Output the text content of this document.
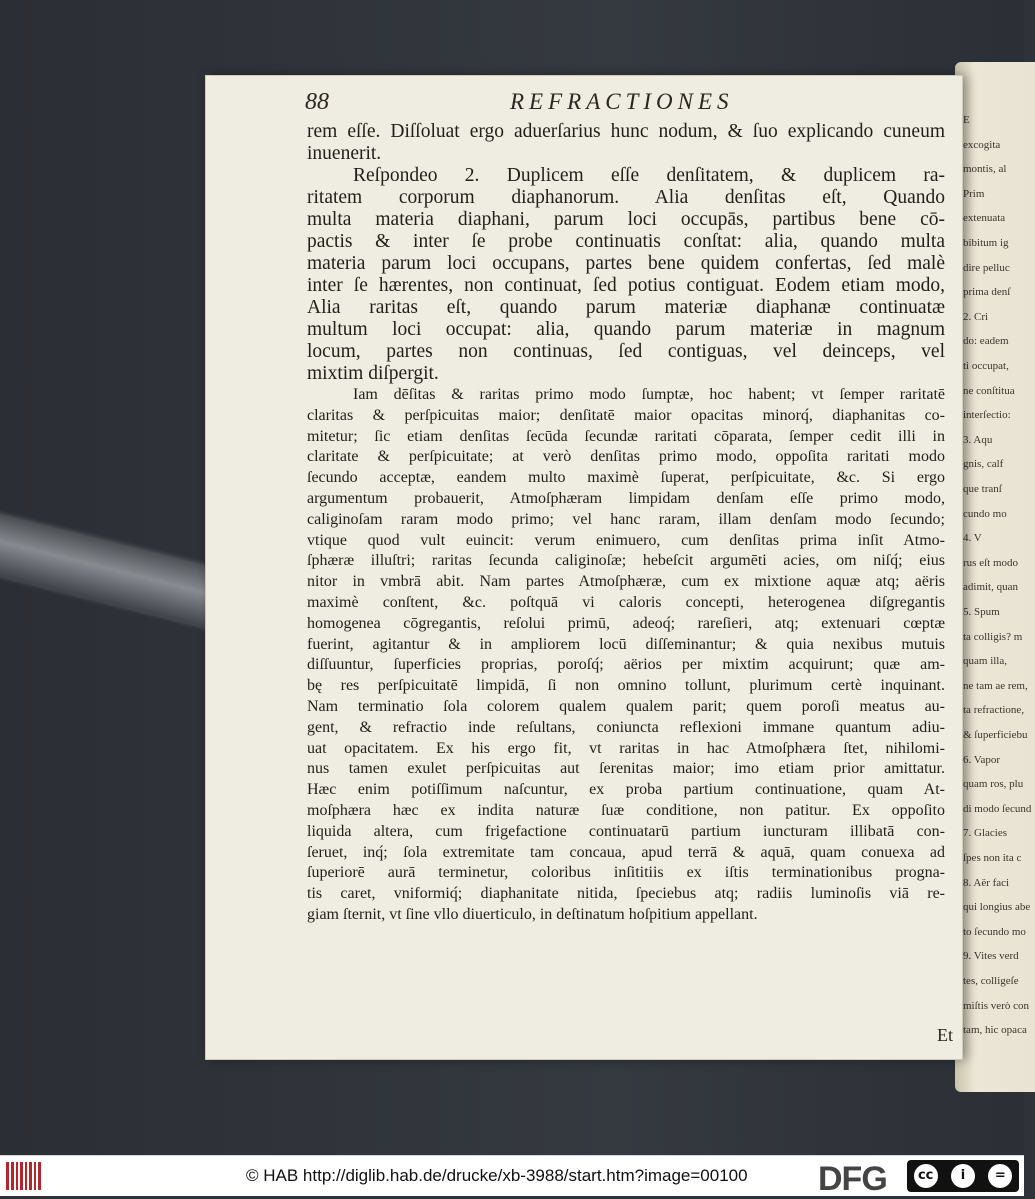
E
excogita
montis, al
Prim
extenuata
bibitum ig
dire pelluc
prima denſ
2. Cri
do: eadem
ti occupat,
ne conſtitua
interſectio:
3. Aqu
gnis, calf
que tranſ
cundo mo
4. V
rus eſt modo
adimit, quan
5. Spum
ta colligis? m
quam illa,
ne tam ae rem,
ta refractione,
& ſuperficiebu
6. Vapor
quam ros, plu
di modo ſecund
7. Glacies
ſpes non ita c
8. Aër faci
qui longius abe
to ſecundo mo
9. Vites verd
tes, colligeſe
miſtis verò con
tam, hic opaca
88	REFRACTIONES
rem eſſe. Diſſoluat ergo aduerſarius hunc nodum, & ſuo explicando cuneum
inuenerit.
Reſpondeo 2. Duplicem eſſe denſitatem, & duplicem ra-
ritatem corporum diaphanorum. Alia denſitas eſt, Quando
multa materia diaphani, parum loci occupās, partibus bene cō-
pactis & inter ſe probe continuatis conſtat: alia, quando multa
materia parum loci occupans, partes bene quidem confertas, ſed malè
inter ſe hærentes, non continuat, ſed potius contiguat. Eodem etiam modo,
Alia raritas eſt, quando parum materiæ diaphanæ continuatæ
multum loci occupat: alia, quando parum materiæ in magnum
locum, partes non continuas, ſed contiguas, vel deinceps, vel
mixtim diſpergit.
Iam dēſitas & raritas primo modo ſumptæ, hoc habent; vt ſemper raritatē
claritas & perſpicuitas maior; denſitatē maior opacitas minorq́, diaphanitas co-
mitetur; ſic etiam denſitas ſecūda ſecundæ raritati cōparata, ſemper cedit illi in
claritate & perſpicuitate; at verò denſitas primo modo, oppoſita raritati modo
ſecundo acceptæ, eandem multo maximè ſuperat, perſpicuitate, &c. Si ergo
argumentum probauerit, Atmoſphæram limpidam denſam eſſe primo modo,
caliginoſam raram modo primo; vel hanc raram, illam denſam modo ſecundo;
vtique quod vult euincit: verum enimuero, cum denſitas prima inſit Atmo-
ſphæræ illuſtri; raritas ſecunda caliginoſæ; hebeſcit argumēti acies, om niſq́; eius
nitor in vmbrā abit. Nam partes Atmoſphæræ, cum ex mixtione aquæ atq; aëris
maximè conſtent, &c. poſtquā vi caloris concepti, heterogenea diſgregantis
homogenea cōgregantis, reſolui primū, adeoq́; rareſieri, atq; extenuari cœptæ
fuerint, agitantur & in ampliorem locū diſſeminantur; & quia nexibus mutuis
diſſuuntur, ſuperficies proprias, poroſq́; aërios per mixtim acquirunt; quæ am-
bę res perſpicuitatē limpidā, ſi non omnino tollunt, plurimum certè inquinant.
Nam terminatio ſola colorem qualem qualem parit; quem poroſi meatus au-
gent, & refractio inde reſultans, coniuncta reflexioni immane quantum adiu-
uat opacitatem. Ex his ergo fit, vt raritas in hac Atmoſphæra ſtet, nihilomi-
nus tamen exulet perſpicuitas aut ſerenitas maior; imo etiam prior amittatur.
Hæc enim potiſſimum naſcuntur, ex proba partium continuatione, quam At-
moſphæra hæc ex indita naturæ ſuæ conditione, non patitur. Ex oppoſito
liquida altera, cum frigefactione continuatarū partium iuncturam illibatā con-
ſeruet, inq́; ſola extremitate tam concaua, apud terrā & aquā, quam conuexa ad
ſuperiorē aurā terminetur, coloribus inſititiis ex iſtis terminationibus progna-
tis caret, vniformiq́; diaphanitate nitida, ſpeciebus atq; radiis luminoſis viā re-
giam ſternit, vt ſine vllo diuerticulo, in deſtinatum hoſpitium appellant.
Et
© HAB http://diglib.hab.de/drucke/xb-3988/start.htm?image=00100 DFG	cc	i	=
